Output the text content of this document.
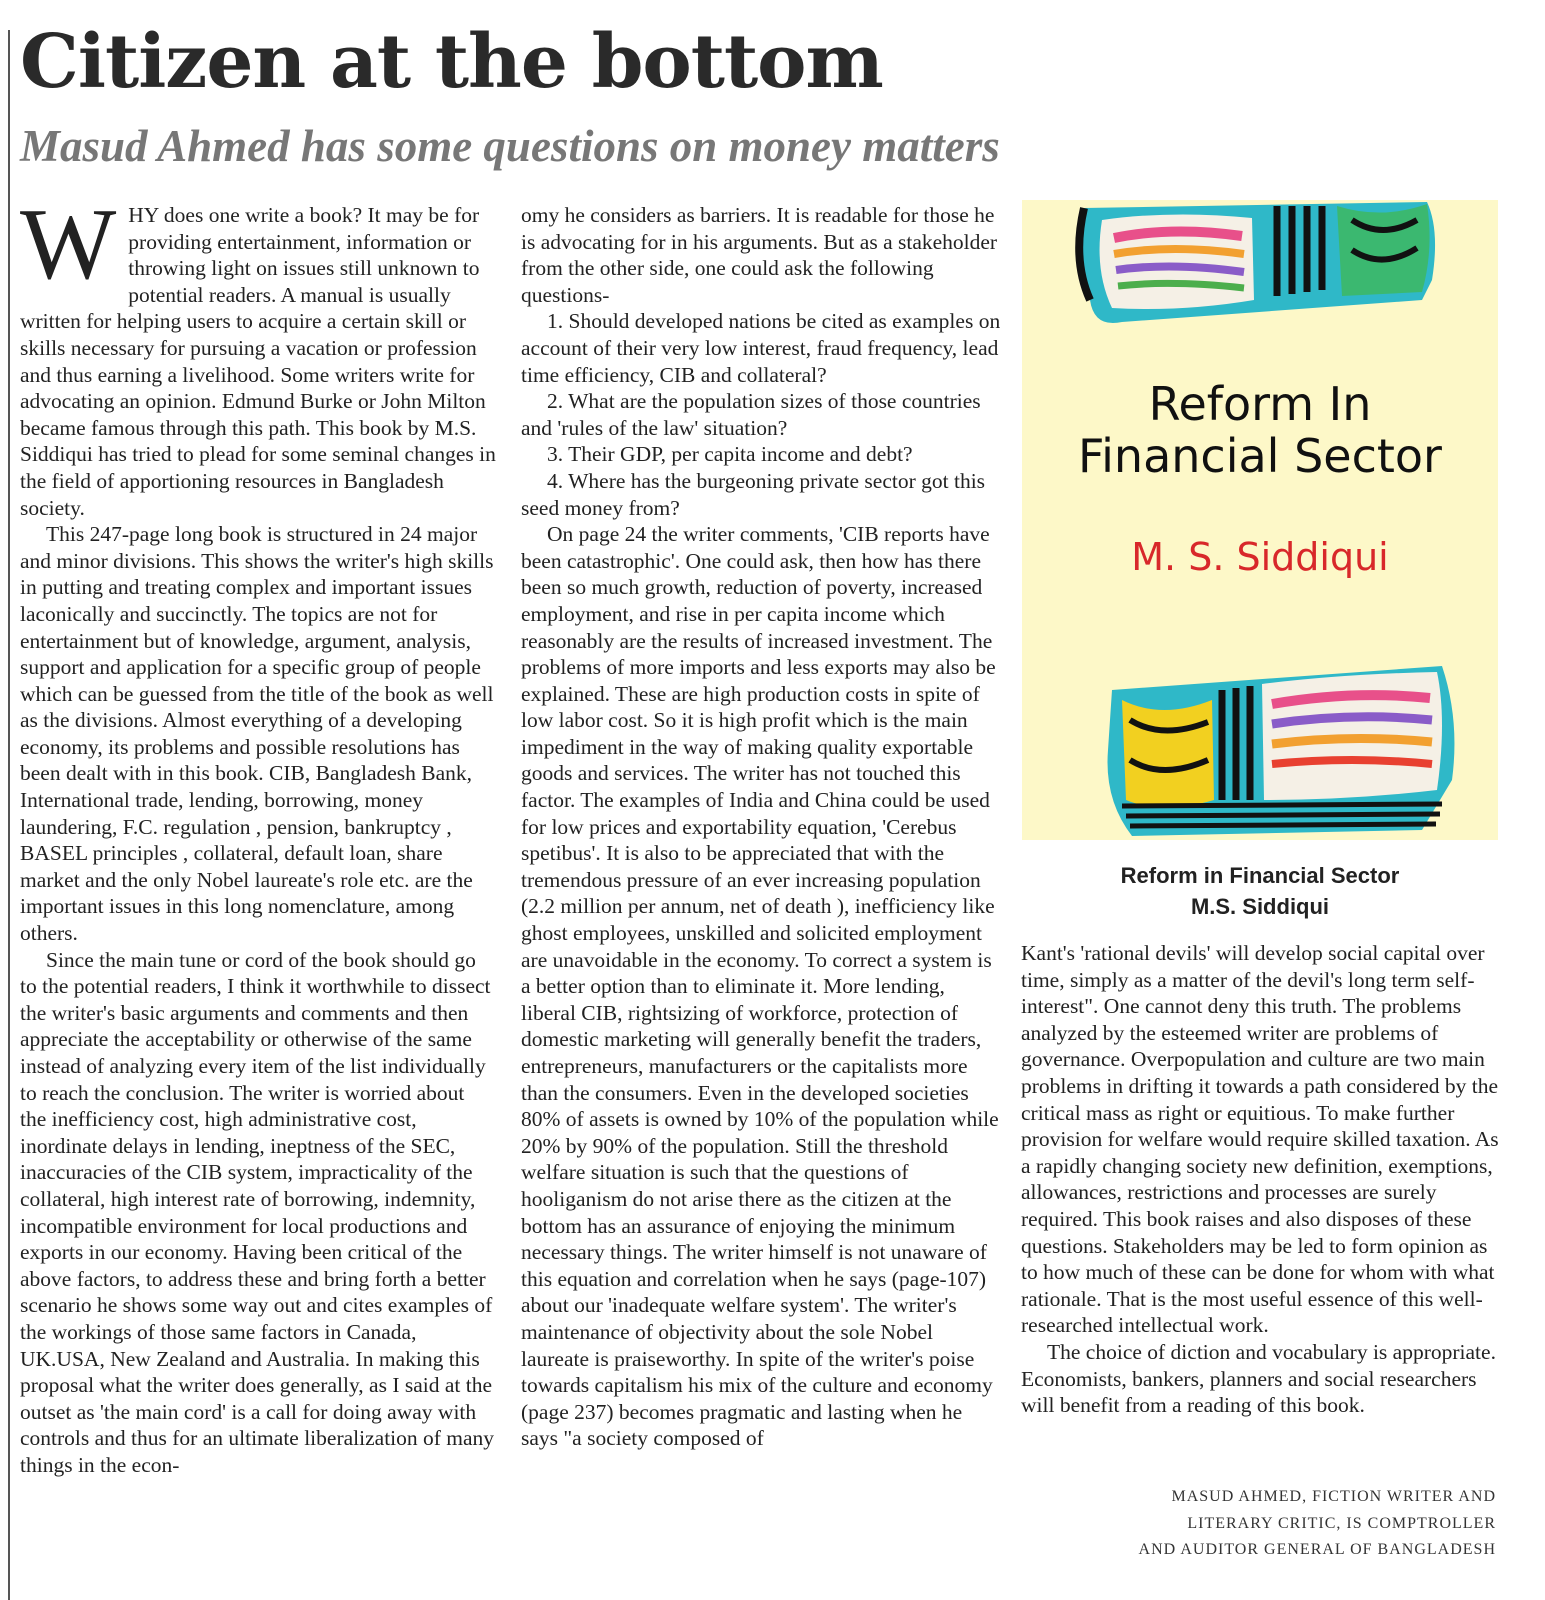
Citizen at the bottom
Masud Ahmed has some questions on money matters

WHY does one write a book? It may be for providing entertainment, information or throwing light on issues still unknown to potential readers. A manual is usually written for helping users to acquire a certain skill or skills necessary for pursuing a vacation or profession and thus earning a livelihood. Some writers write for advocating an opinion. Edmund Burke or John Milton became famous through this path. This book by M.S. Siddiqui has tried to plead for some seminal changes in the field of apportioning resources in Bangladesh society.

This 247-page long book is structured in 24 major and minor divisions. This shows the writer's high skills in putting and treating complex and important issues laconically and succinctly. The topics are not for entertainment but of knowledge, argument, analysis, support and application for a specific group of people which can be guessed from the title of the book as well as the divisions. Almost everything of a developing economy, its problems and possible resolutions has been dealt with in this book. CIB, Bangladesh Bank, International trade, lending, borrowing, money laundering, F.C. regulation , pension, bankruptcy , BASEL principles , collateral, default loan, share market and the only Nobel laureate's role etc. are the important issues in this long nomenclature, among others.

Since the main tune or cord of the book should go to the potential readers, I think it worthwhile to dissect the writer's basic arguments and comments and then appreciate the acceptability or otherwise of the same instead of analyzing every item of the list individually to reach the conclusion. The writer is worried about the inefficiency cost, high administrative cost, inordinate delays in lending, ineptness of the SEC, inaccuracies of the CIB system, impracticality of the collateral, high interest rate of borrowing, indemnity, incompatible environment for local productions and exports in our economy. Having been critical of the above factors, to address these and bring forth a better scenario he shows some way out and cites examples of the workings of those same factors in Canada, UK.USA, New Zealand and Australia. In making this proposal what the writer does generally, as I said at the outset as 'the main cord' is a call for doing away with controls and thus for an ultimate liberalization of many things in the econ-

omy he considers as barriers. It is readable for those he is advocating for in his arguments. But as a stakeholder from the other side, one could ask the following questions-

1. Should developed nations be cited as examples on account of their very low interest, fraud frequency, lead time efficiency, CIB and collateral?

2. What are the population sizes of those countries and 'rules of the law' situation?

3. Their GDP, per capita income and debt?

4. Where has the burgeoning private sector got this seed money from?

On page 24 the writer comments, 'CIB reports have been catastrophic'. One could ask, then how has there been so much growth, reduction of poverty, increased employment, and rise in per capita income which reasonably are the results of increased investment. The problems of more imports and less exports may also be explained. These are high production costs in spite of low labor cost. So it is high profit which is the main impediment in the way of making quality exportable goods and services. The writer has not touched this factor. The examples of India and China could be used for low prices and exportability equation, 'Cerebus spetibus'. It is also to be appreciated that with the tremendous pressure of an ever increasing population (2.2 million per annum, net of death ), inefficiency like ghost employees, unskilled and solicited employment are unavoidable in the economy. To correct a system is a better option than to eliminate it. More lending, liberal CIB, rightsizing of workforce, protection of domestic marketing will generally benefit the traders, entrepreneurs, manufacturers or the capitalists more than the consumers. Even in the developed societies 80% of assets is owned by 10% of the population while 20% by 90% of the population. Still the threshold welfare situation is such that the questions of hooliganism do not arise there as the citizen at the bottom has an assurance of enjoying the minimum necessary things. The writer himself is not unaware of this equation and correlation when he says (page-107) about our 'inadequate welfare system'. The writer's maintenance of objectivity about the sole Nobel laureate is praiseworthy. In spite of the writer's poise towards capitalism his mix of the culture and economy (page 237) becomes pragmatic and lasting when he says "a society composed of

Reform In
Financial Sector
M. S. Siddiqui
Reform in Financial Sector
M.S. Siddiqui

Kant's 'rational devils' will develop social capital over time, simply as a matter of the devil's long term self-interest". One cannot deny this truth. The problems analyzed by the esteemed writer are problems of governance. Overpopulation and culture are two main problems in drifting it towards a path considered by the critical mass as right or equitious. To make further provision for welfare would require skilled taxation. As a rapidly changing society new definition, exemptions, allowances, restrictions and processes are surely required. This book raises and also disposes of these questions. Stakeholders may be led to form opinion as to how much of these can be done for whom with what rationale. That is the most useful essence of this well-researched intellectual work.

The choice of diction and vocabulary is appropriate. Economists, bankers, planners and social researchers will benefit from a reading of this book.

MASUD AHMED, FICTION WRITER AND
LITERARY CRITIC, IS COMPTROLLER
AND AUDITOR GENERAL OF BANGLADESH
